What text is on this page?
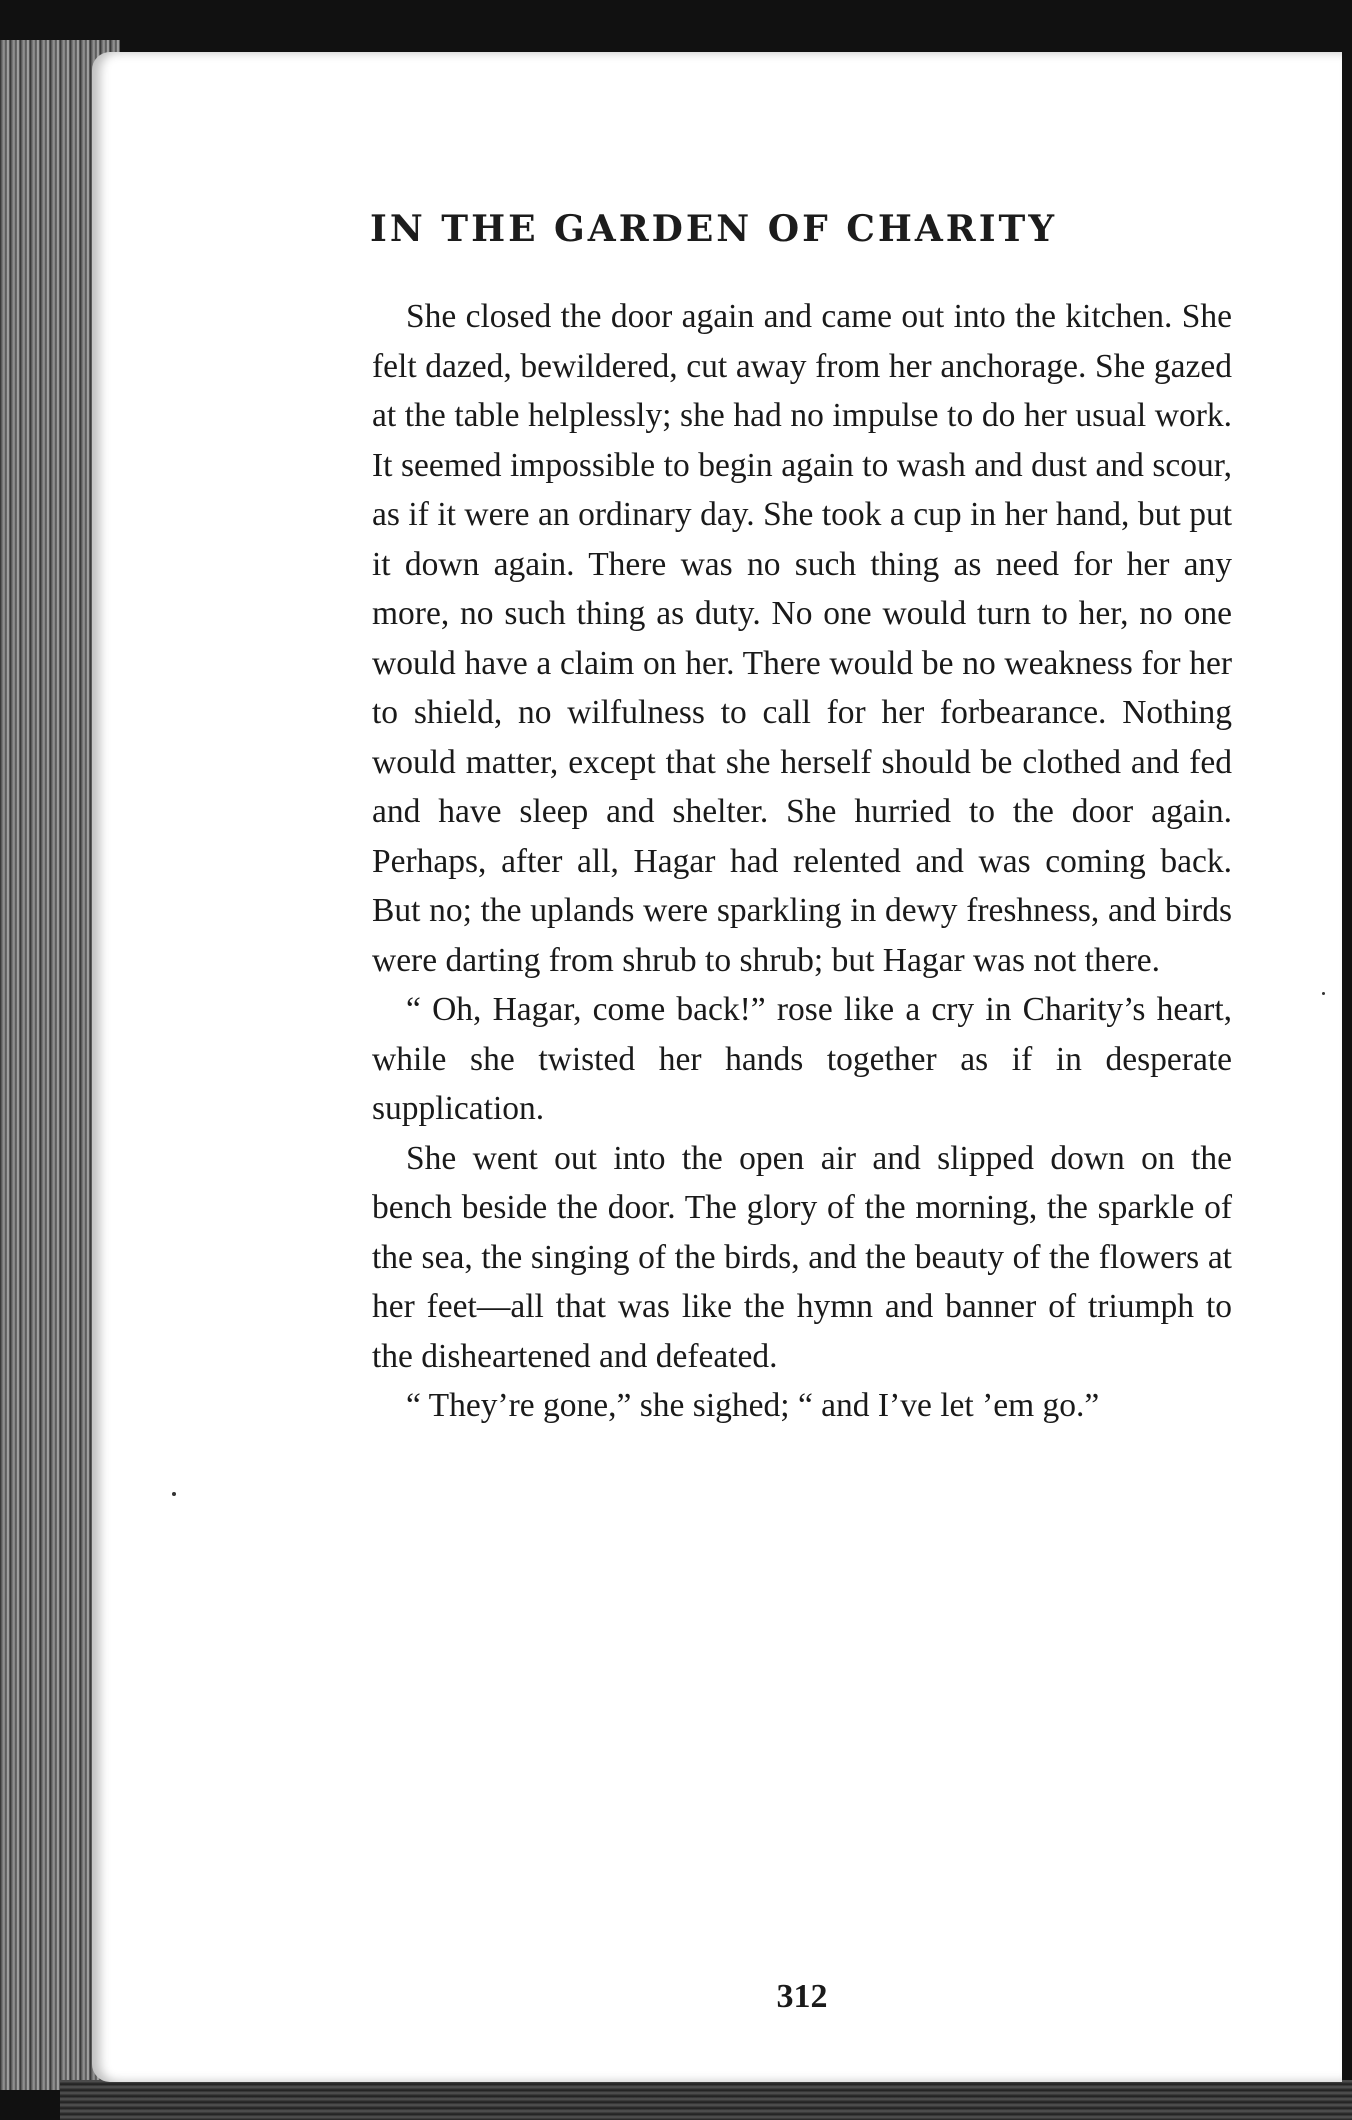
IN THE GARDEN OF CHARITY

She closed the door again and came out into the kitchen. She felt dazed, bewildered, cut away from her anchorage. She gazed at the table helplessly; she had no impulse to do her usual work. It seemed impossible to begin again to wash and dust and scour, as if it were an ordinary day. She took a cup in her hand, but put it down again. There was no such thing as need for her any more, no such thing as duty. No one would turn to her, no one would have a claim on her. There would be no weakness for her to shield, no wilfulness to call for her forbearance. Nothing would matter, except that she herself should be clothed and fed and have sleep and shelter. She hurried to the door again. Perhaps, after all, Hagar had relented and was coming back. But no; the uplands were sparkling in dewy freshness, and birds were darting from shrub to shrub; but Hagar was not there.

“ Oh, Hagar, come back!” rose like a cry in Charity’s heart, while she twisted her hands together as if in desperate supplication.

She went out into the open air and slipped down on the bench beside the door. The glory of the morning, the sparkle of the sea, the singing of the birds, and the beauty of the flowers at her feet—all that was like the hymn and banner of triumph to the disheartened and defeated.

“ They’re gone,” she sighed; “ and I’ve let ’em go.”

312
